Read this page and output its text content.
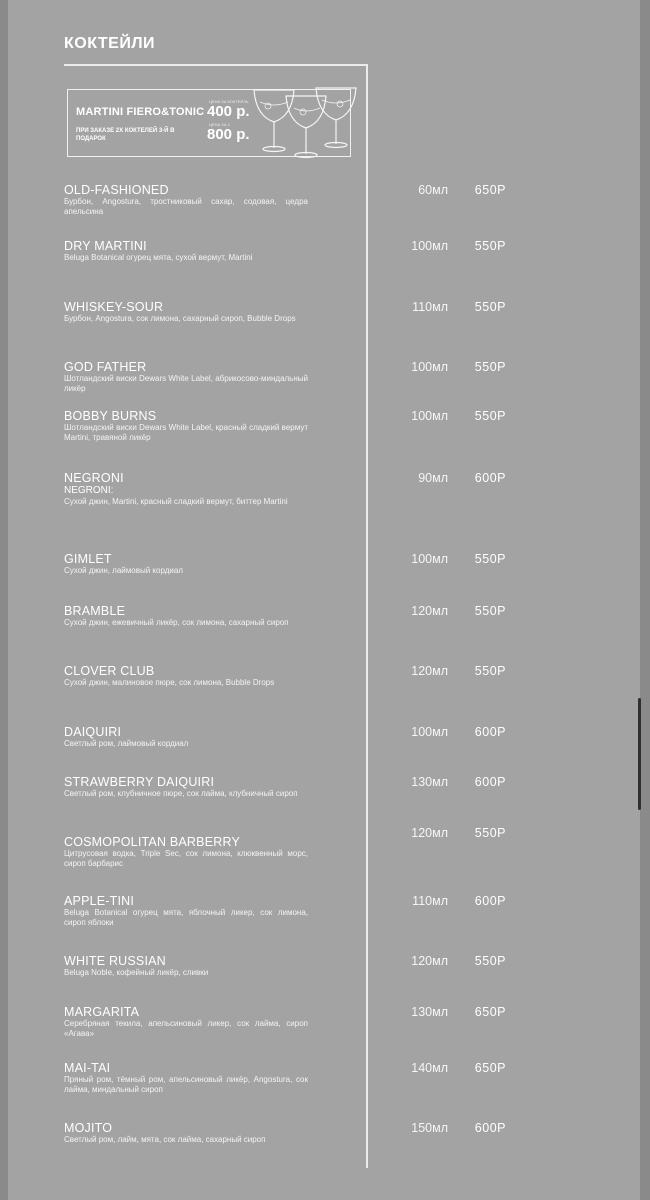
КОКТЕЙЛИ
MARTINI FIERO&TONIC
ПРИ ЗАКАЗЕ 2Х КОКТЕЛЕЙ 3-Й В ПОДАРОК
ЦЕНА ЗА КОКТЕЙЛЬ
400 р.
ЦЕНА ЗА 2
800 р.
OLD-FASHIONED
Бурбон, Angostura, тростниковый сахар, содовая, цедра апельсина
60мл	650Р
DRY MARTINI
Beluga Botanical огурец мята, сухой вермут, Martini
100мл	550Р
WHISKEY-SOUR
Бурбон, Angostura, сок лимона, сахарный сироп, Bubble Drops
110мл	550Р
GOD FATHER
Шотландский виски Dewars White Label, абрикосово-миндальный ликёр
100мл	550Р
BOBBY BURNS
Шотландский виски Dewars White Label, красный сладкий вермут Martini, травяной ликёр
100мл	550Р
NEGRONI
NEGRONI:
Сухой джин, Martini, красный сладкий вермут, биттер Martini
90мл	600Р
GIMLET
Сухой джин, лаймовый кордиал
100мл	550Р
BRAMBLE
Сухой джин, ежевичный ликёр, сок лимона, сахарный сироп
120мл	550Р
CLOVER CLUB
Сухой джин, малиновое пюре, сок лимона, Bubble Drops
120мл	550Р
DAIQUIRI
Светлый ром, лаймовый кордиал
100мл	600Р
STRAWBERRY DAIQUIRI
Светлый ром, клубничное пюре, сок лайма, клубничный сироп
130мл	600Р
COSMOPOLITAN BARBERRY
Цитрусовая водка, Triple Sec, сок лимона, клюквенный морс, сироп барбарис
120мл	550Р
APPLE-TINI
Beluga Botanical огурец мята, яблочный ликер, сок лимона, сироп яблоки
110мл	600Р
WHITE RUSSIAN
Beluga Noble, кофейный ликёр, сливки
120мл	550Р
MARGARITA
Серебряная текила, апельсиновый ликер, сок лайма, сироп «Агава»
130мл	650Р
MAI-TAI
Пряный ром, тёмный ром, апельсиновый ликёр, Angostura, сок лайма, миндальный сироп
140мл	650Р
MOJITO
Светлый ром, лайм, мята, сок лайма, сахарный сироп
150мл	600Р
